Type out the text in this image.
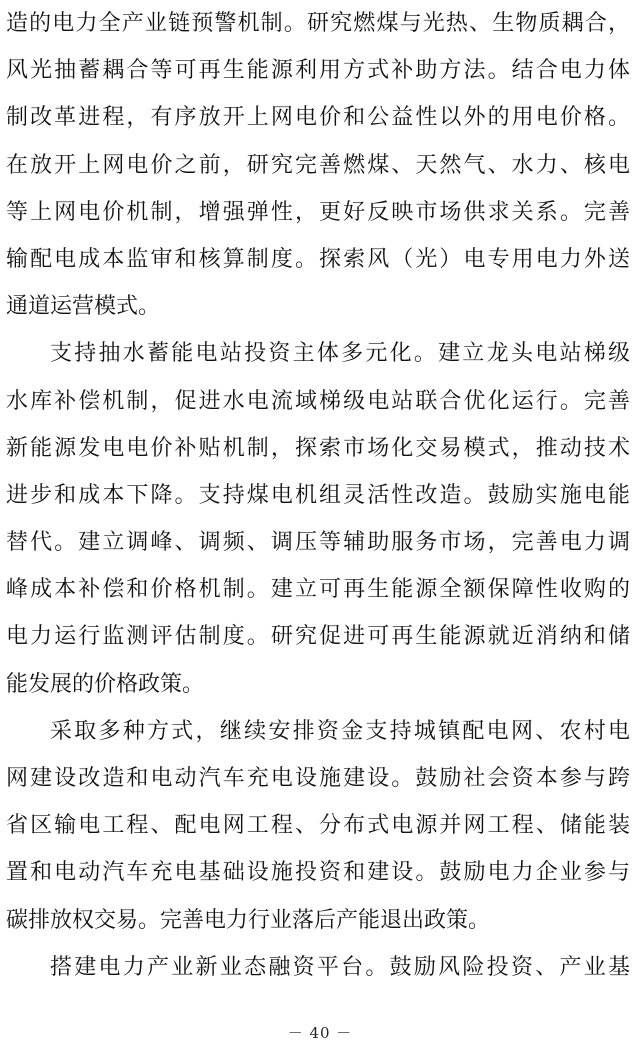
造的电力全产业链预警机制。研究燃煤与光热、生物质耦合，
风光抽蓄耦合等可再生能源利用方式补助方法。结合电力体
制改革进程，有序放开上网电价和公益性以外的用电价格。
在放开上网电价之前，研究完善燃煤、天然气、水力、核电
等上网电价机制，增强弹性，更好反映市场供求关系。完善
输配电成本监审和核算制度。探索风（光）电专用电力外送
通道运营模式。
支持抽水蓄能电站投资主体多元化。建立龙头电站梯级
水库补偿机制，促进水电流域梯级电站联合优化运行。完善
新能源发电电价补贴机制，探索市场化交易模式，推动技术
进步和成本下降。支持煤电机组灵活性改造。鼓励实施电能
替代。建立调峰、调频、调压等辅助服务市场，完善电力调
峰成本补偿和价格机制。建立可再生能源全额保障性收购的
电力运行监测评估制度。研究促进可再生能源就近消纳和储
能发展的价格政策。
采取多种方式，继续安排资金支持城镇配电网、农村电
网建设改造和电动汽车充电设施建设。鼓励社会资本参与跨
省区输电工程、配电网工程、分布式电源并网工程、储能装
置和电动汽车充电基础设施投资和建设。鼓励电力企业参与
碳排放权交易。完善电力行业落后产能退出政策。
搭建电力产业新业态融资平台。鼓励风险投资、产业基
－ 40 －
